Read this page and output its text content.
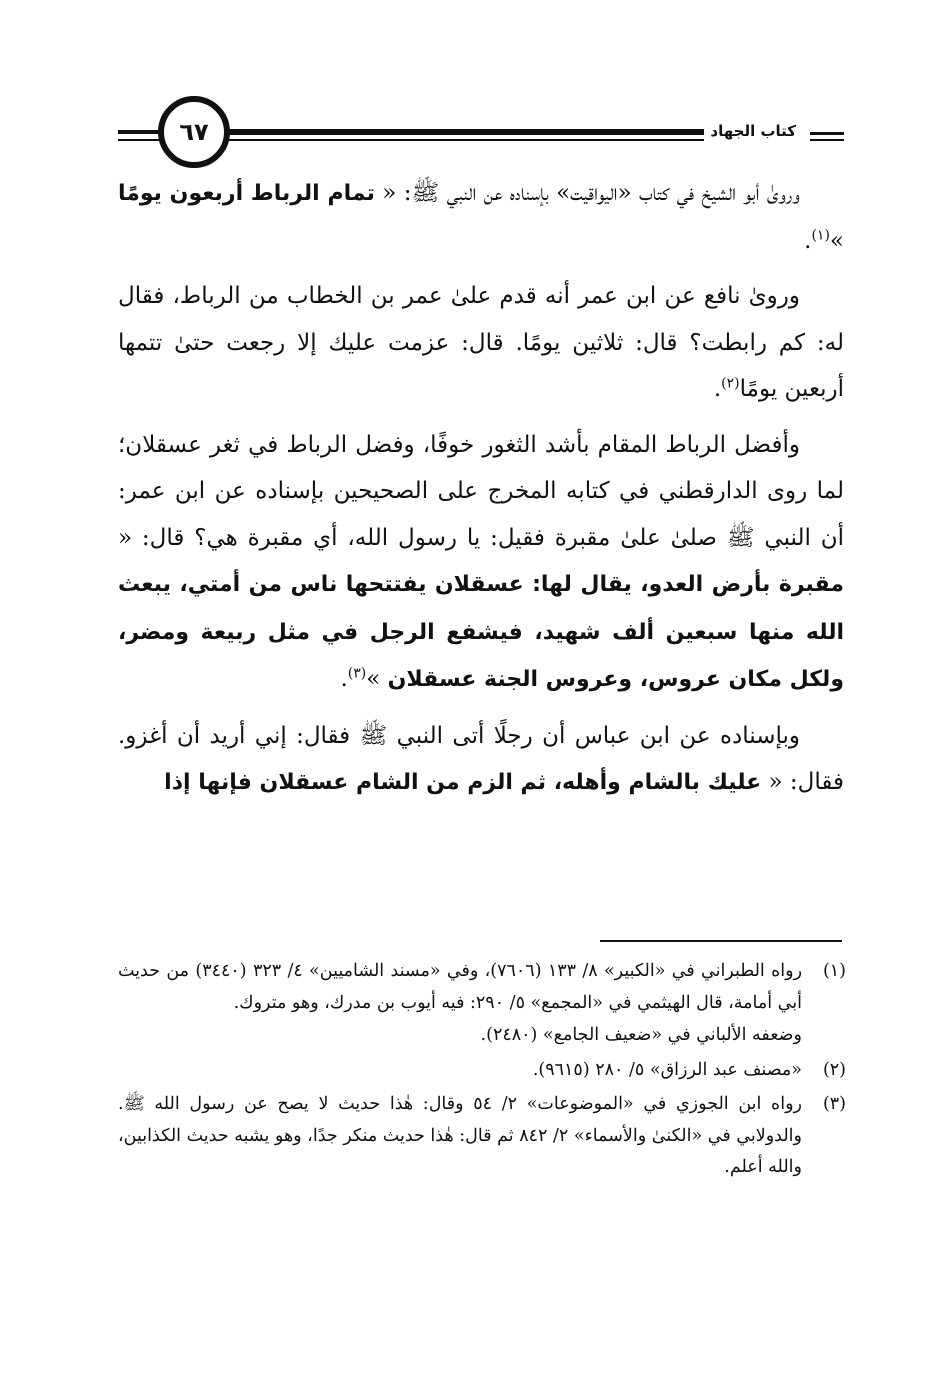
٦٧	كتاب الجهاد

ورویٰ أبو الشیخ في كتاب «الیواقیت» بإسناده عن النبي ﷺ: « تمام الرباط أربعون یومًا »$^{(١)}$.

ورویٰ نافع عن ابن عمر أنه قدم علیٰ عمر بن الخطاب من الرباط، فقال له: كم رابطت؟ قال: ثلاثین یومًا. قال: عزمت علیك إلا رجعت حتیٰ تتمها أربعین یومًا$^{(٢)}$.

وأفضل الرباط المقام بأشد الثغور خوفًا، وفضل الرباط في ثغر عسقلان؛ لما روی الدارقطني في كتابه المخرج علی الصحیحین بإسناده عن ابن عمر: أن النبي ﷺ صلیٰ علیٰ مقبرة فقیل: یا رسول الله، أي مقبرة هي؟ قال: « مقبرة بأرض العدو، یقال لها: عسقلان یفتتحها ناس من أمتي، یبعث الله منها سبعین ألف شهید، فیشفع الرجل في مثل ربیعة ومضر، ولكل مكان عروس، وعروس الجنة عسقلان »$^{(٣)}$.

وبإسناده عن ابن عباس أن رجلًا أتی النبي ﷺ فقال: إني أرید أن أغزو. فقال: « علیك بالشام وأهله، ثم الزم من الشام عسقلان فإنها إذا

(١)
رواه الطبراني في «الكبير» ٨/ ١٣٣ (٧٦٠٦)، وفي «مسند الشامیین» ٤/ ٣٢٣ (٣٤٤٠) من حدیث أبي أمامة، قال الهیثمي في «المجمع» ٥/ ٢٩٠: فیه أیوب بن مدرك، وهو متروك.
وضعفه الألباني في «ضعیف الجامع» (٢٤٨٠).
(٢)
«مصنف عبد الرزاق» ٥/ ٢٨٠ (٩٦١٥).
(٣)
رواه ابن الجوزي في «الموضوعات» ٢/ ٥٤ وقال: هٰذا حدیث لا یصح عن رسول الله ﷺ. والدولابي في «الكنیٰ والأسماء» ٢/ ٨٤٢ ثم قال: هٰذا حدیث منكر جدًا، وهو یشبه حدیث الكذابین، والله أعلم.
